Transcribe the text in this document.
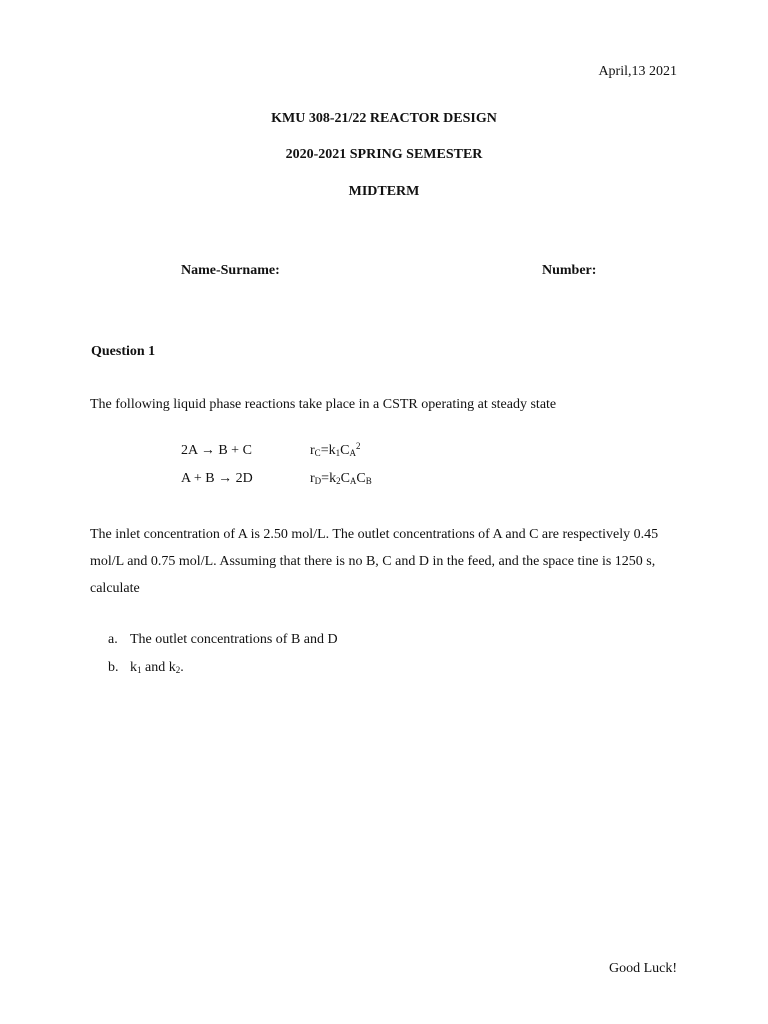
April,13 2021
KMU 308-21/22 REACTOR DESIGN
2020-2021 SPRING SEMESTER
MIDTERM
Name-Surname:	Number:
Question 1
The following liquid phase reactions take place in a CSTR operating at steady state
2A → B + C	$r_C=k_1C_A^2$
A + B → 2D	$r_D=k_2C_AC_B$
The inlet concentration of A is 2.50 mol/L. The outlet concentrations of A and C are respectively 0.45 mol/L and 0.75 mol/L. Assuming that there is no B, C and D in the feed, and the space tine is 1250 s, calculate
a. The outlet concentrations of B and D
b. $k_1$ and $k_2$.
Good Luck!
